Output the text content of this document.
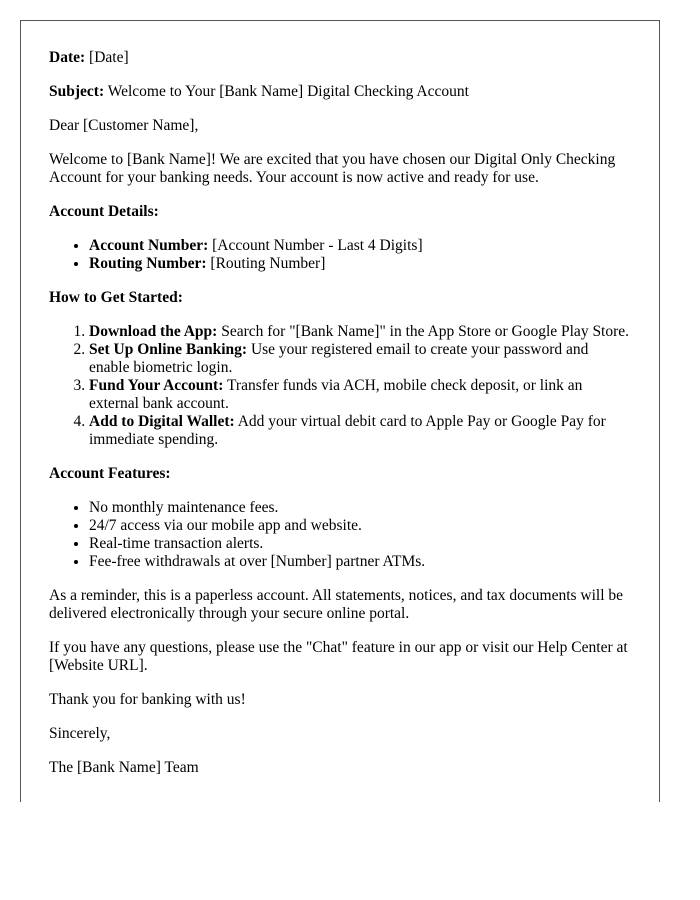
Date: [Date]

Subject: Welcome to Your [Bank Name] Digital Checking Account

Dear [Customer Name],

Welcome to [Bank Name]! We are excited that you have chosen our Digital Only Checking Account for your banking needs. Your account is now active and ready for use.

Account Details:

• Account Number: [Account Number - Last 4 Digits]
• Routing Number: [Routing Number]

How to Get Started:

1. Download the App: Search for "[Bank Name]" in the App Store or Google Play Store.
2. Set Up Online Banking: Use your registered email to create your password and enable biometric login.
3. Fund Your Account: Transfer funds via ACH, mobile check deposit, or link an external bank account.
4. Add to Digital Wallet: Add your virtual debit card to Apple Pay or Google Pay for immediate spending.

Account Features:

• No monthly maintenance fees.
• 24/7 access via our mobile app and website.
• Real-time transaction alerts.
• Fee-free withdrawals at over [Number] partner ATMs.

As a reminder, this is a paperless account. All statements, notices, and tax documents will be delivered electronically through your secure online portal.

If you have any questions, please use the "Chat" feature in our app or visit our Help Center at [Website URL].

Thank you for banking with us!

Sincerely,

The [Bank Name] Team
